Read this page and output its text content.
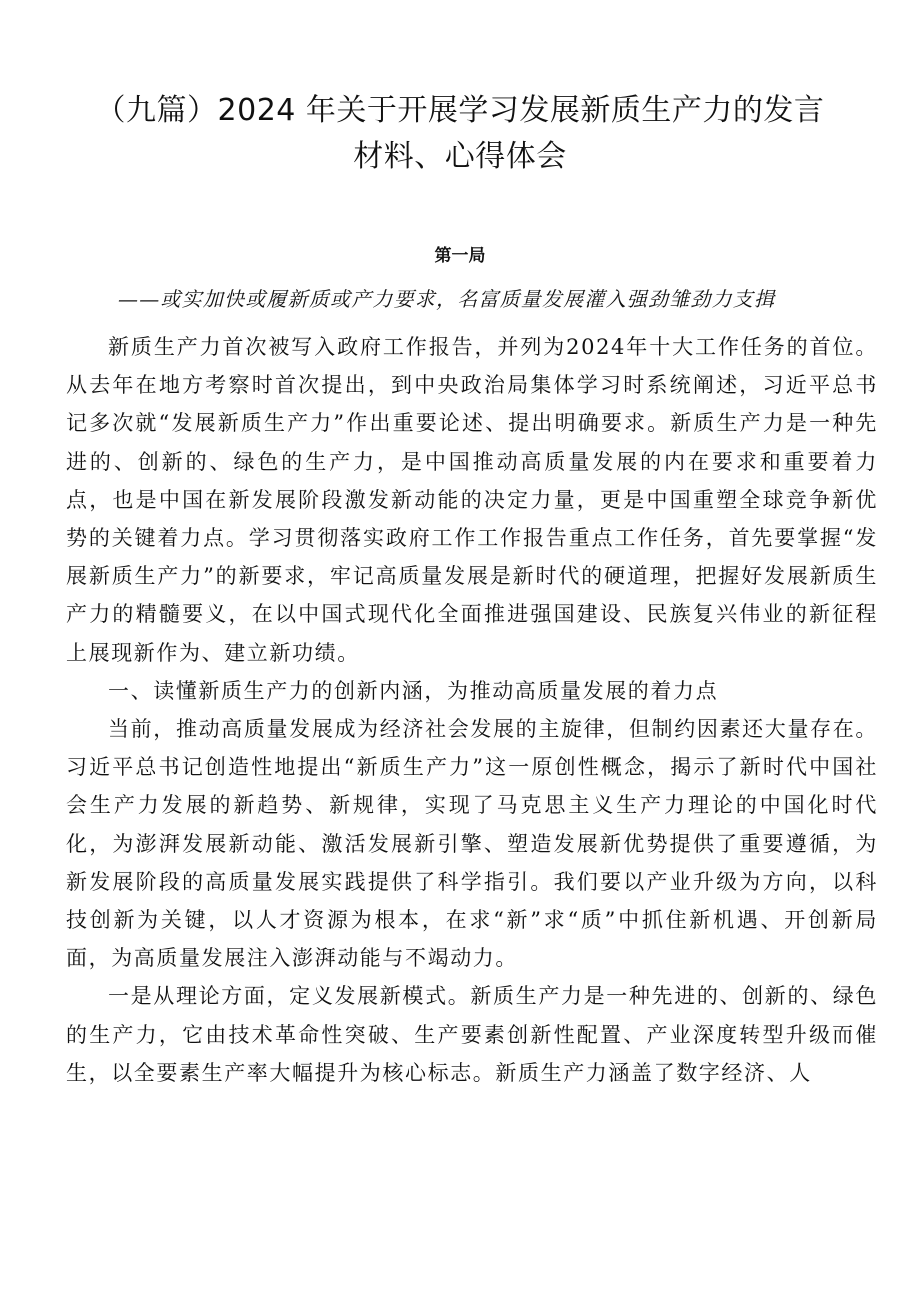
（九篇）2024 年关于开展学习发展新质生产力的发言
材料、心得体会
第一局

——或实加快或履新质或产力要求，名富质量发展灌入强劲雏劲力支揖

新质生产力首次被写入政府工作报告，并列为2024年十大工作任务的首位。从去年在地方考察时首次提出，到中央政治局集体学习时系统阐述，习近平总书记多次就“发展新质生产力”作出重要论述、提出明确要求。新质生产力是一种先进的、创新的、绿色的生产力，是中国推动高质量发展的内在要求和重要着力点，也是中国在新发展阶段激发新动能的决定力量，更是中国重塑全球竞争新优势的关键着力点。学习贯彻落实政府工作工作报告重点工作任务，首先要掌握“发展新质生产力”的新要求，牢记高质量发展是新时代的硬道理，把握好发展新质生产力的精髓要义，在以中国式现代化全面推进强国建设、民族复兴伟业的新征程上展现新作为、建立新功绩。

一、读懂新质生产力的创新内涵，为推动高质量发展的着力点

当前，推动高质量发展成为经济社会发展的主旋律，但制约因素还大量存在。习近平总书记创造性地提出“新质生产力”这一原创性概念，揭示了新时代中国社会生产力发展的新趋势、新规律，实现了马克思主义生产力理论的中国化时代化，为澎湃发展新动能、激活发展新引擎、塑造发展新优势提供了重要遵循，为新发展阶段的高质量发展实践提供了科学指引。我们要以产业升级为方向，以科技创新为关键，以人才资源为根本，在求“新”求“质”中抓住新机遇、开创新局面，为高质量发展注入澎湃动能与不竭动力。

一是从理论方面，定义发展新模式。新质生产力是一种先进的、创新的、绿色的生产力，它由技术革命性突破、生产要素创新性配置、产业深度转型升级而催生，以全要素生产率大幅提升为核心标志。新质生产力涵盖了数字经济、人
